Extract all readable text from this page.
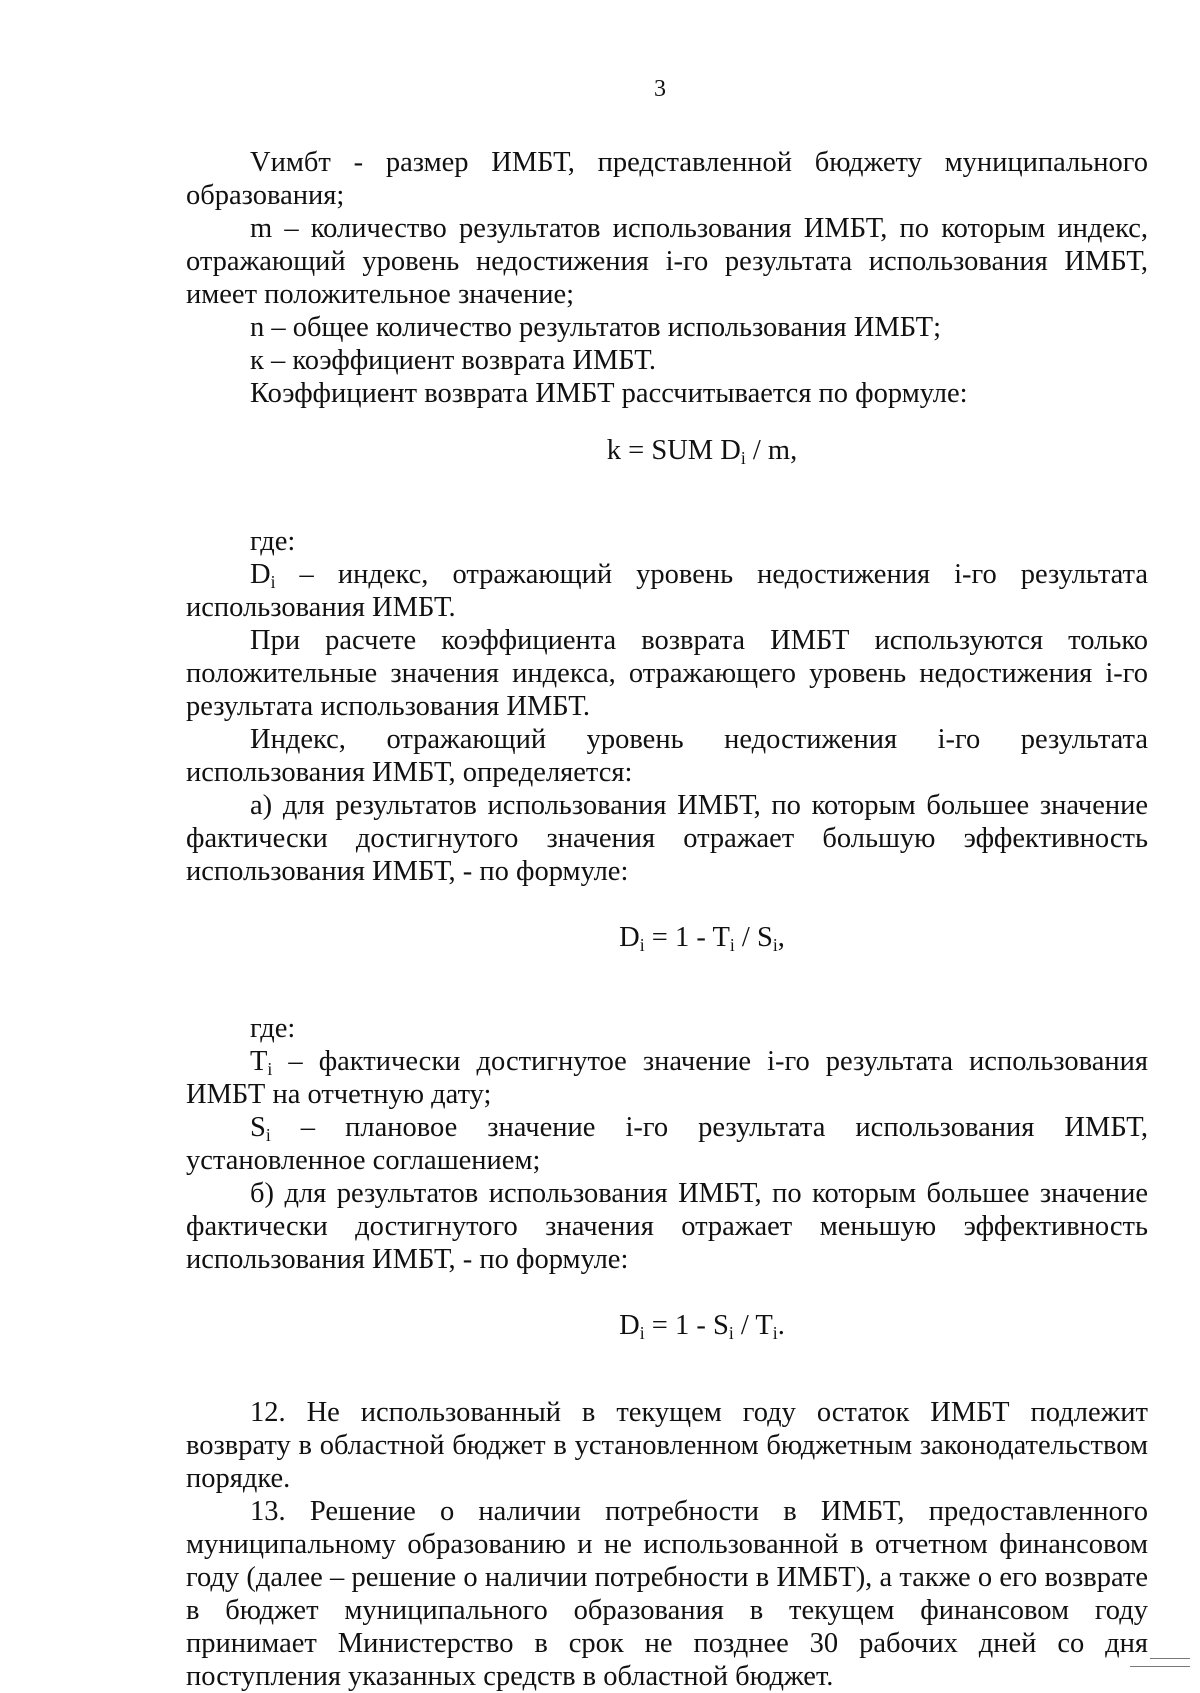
3

Vимбт - размер ИМБТ, представленной бюджету муниципального образования;

m – количество результатов использования ИМБТ, по которым индекс, отражающий уровень недостижения i-го результата использования ИМБТ, имеет положительное значение;

n – общее количество результатов использования ИМБТ;

к – коэффициент возврата ИМБТ.

Коэффициент возврата ИМБТ рассчитывается по формуле:

k = SUM $D_i$ / m,

где:

$D_i$ – индекс, отражающий уровень недостижения i-го результата использования ИМБТ.

При расчете коэффициента возврата ИМБТ используются только положительные значения индекса, отражающего уровень недостижения i-го результата использования ИМБТ.

Индекс, отражающий уровень недостижения i-го результата использования ИМБТ, определяется:

а) для результатов использования ИМБТ, по которым большее значение фактически достигнутого значения отражает большую эффективность использования ИМБТ, - по формуле:

$D_i = 1 - T_i / S_i$,

где:

$T_i$ – фактически достигнутое значение i-го результата использования ИМБТ на отчетную дату;

$S_i$ – плановое значение i-го результата использования ИМБТ, установленное соглашением;

б) для результатов использования ИМБТ, по которым большее значение фактически достигнутого значения отражает меньшую эффективность использования ИМБТ, - по формуле:

$D_i = 1 - S_i / T_i$.

12. Не использованный в текущем году остаток ИМБТ подлежит возврату в областной бюджет в установленном бюджетным законодательством порядке.

13. Решение о наличии потребности в ИМБТ, предоставленного муниципальному образованию и не использованной в отчетном финансовом году (далее – решение о наличии потребности в ИМБТ), а также о его возврате в бюджет муниципального образования в текущем финансовом году принимает Министерство в срок не позднее 30 рабочих дней со дня поступления указанных средств в областной бюджет.
